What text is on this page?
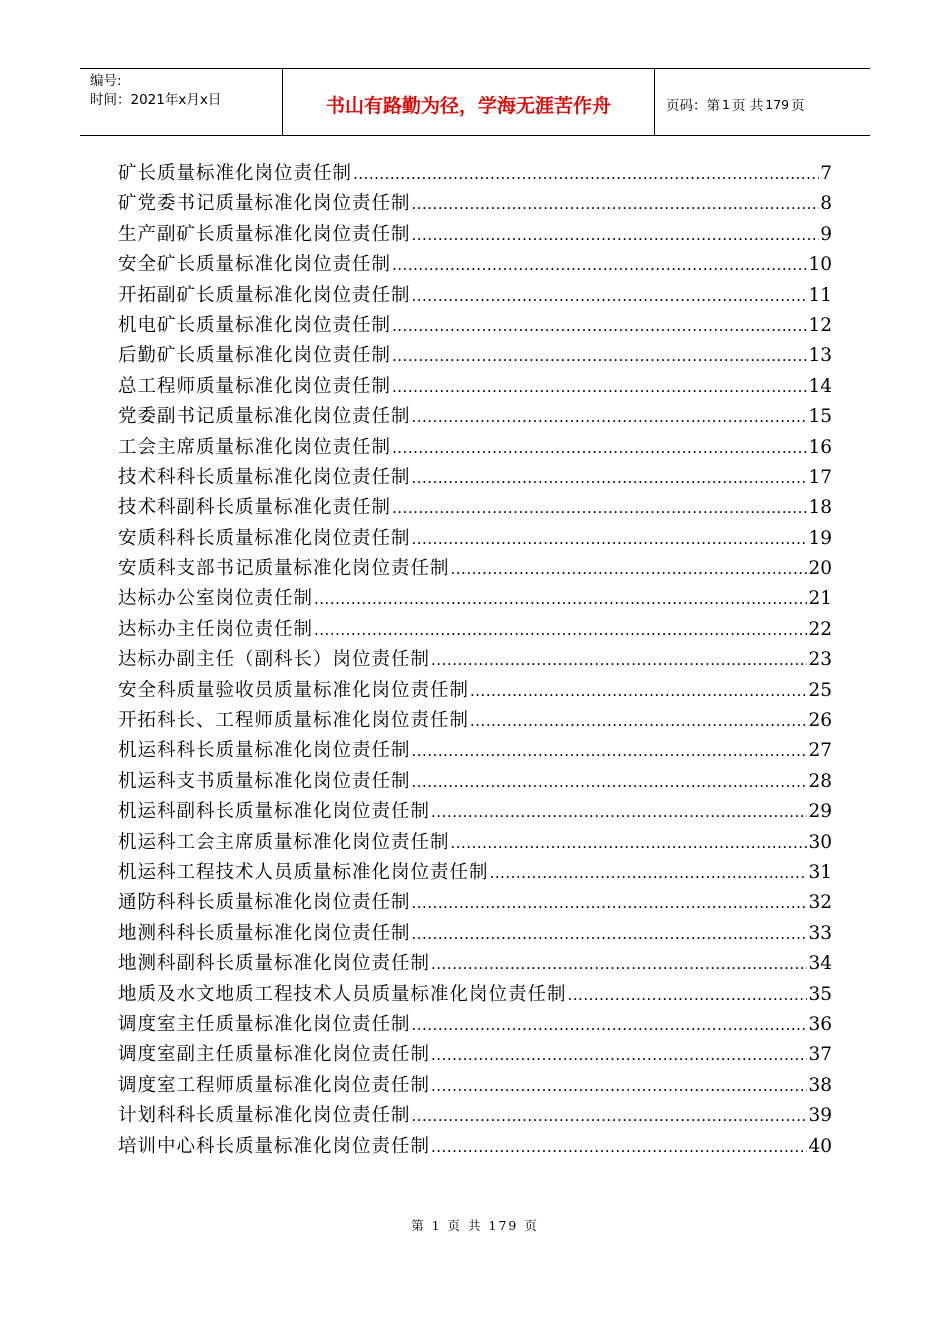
编号:
时间：2021年x月x日	书山有路勤为径，学海无涯苦作舟	页码：第 1 页 共 179 页
矿长质量标准化岗位责任制 .....	7
矿党委书记质量标准化岗位责任制 .....	8
生产副矿长质量标准化岗位责任制 .....	9
安全矿长质量标准化岗位责任制 .....	10
开拓副矿长质量标准化岗位责任制 .....	11
机电矿长质量标准化岗位责任制 .....	12
后勤矿长质量标准化岗位责任制 .....	13
总工程师质量标准化岗位责任制 .....	14
党委副书记质量标准化岗位责任制 .....	15
工会主席质量标准化岗位责任制 .....	16
技术科科长质量标准化岗位责任制 .....	17
技术科副科长质量标准化责任制 .....	18
安质科科长质量标准化岗位责任制 .....	19
安质科支部书记质量标准化岗位责任制 .....	20
达标办公室岗位责任制 .....	21
达标办主任岗位责任制 .....	22
达标办副主任（副科长）岗位责任制 .....	23
安全科质量验收员质量标准化岗位责任制 .....	25
开拓科长、工程师质量标准化岗位责任制 .....	26
机运科科长质量标准化岗位责任制 .....	27
机运科支书质量标准化岗位责任制 .....	28
机运科副科长质量标准化岗位责任制 .....	29
机运科工会主席质量标准化岗位责任制 .....	30
机运科工程技术人员质量标准化岗位责任制 .....	31
通防科科长质量标准化岗位责任制 .....	32
地测科科长质量标准化岗位责任制 .....	33
地测科副科长质量标准化岗位责任制 .....	34
地质及水文地质工程技术人员质量标准化岗位责任制 .....	35
调度室主任质量标准化岗位责任制 .....	36
调度室副主任质量标准化岗位责任制 .....	37
调度室工程师质量标准化岗位责任制 .....	38
计划科科长质量标准化岗位责任制 .....	39
培训中心科长质量标准化岗位责任制 .....	40
第 1 页 共 179 页
